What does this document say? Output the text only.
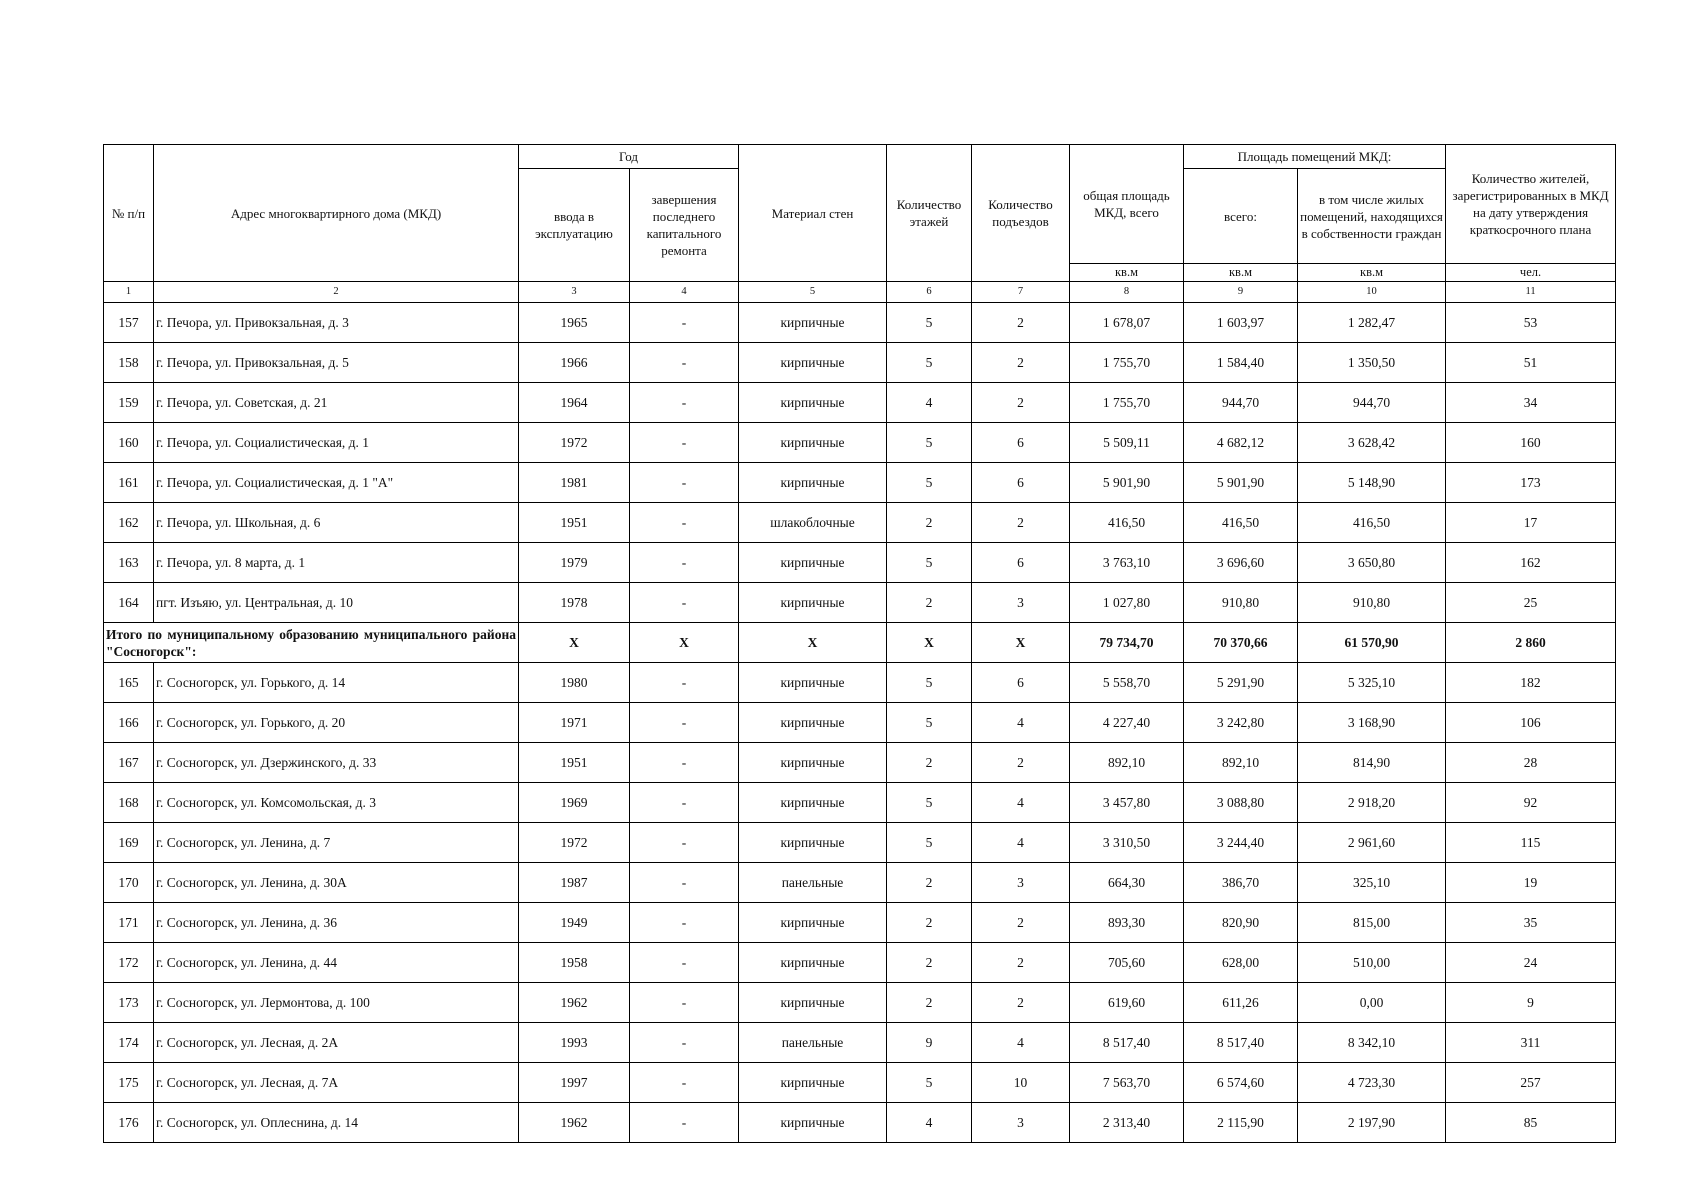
№ п/п	Адрес многоквартирного дома (МКД)	Год		Материал стен	Количество этажей	Количество подъездов	общая площадь МКД, всего	Площадь помещений МКД:		Количество жителей, зарегистрированных в МКД на дату утверждения краткосрочного плана
		ввода в эксплуатацию	завершения последнего капитального ремонта					всего:	в том числе жилых помещений, находящихся в собственности граждан	
							кв.м	кв.м	кв.м	чел.
1	2	3	4	5	6	7	8	9	10	11
157	г. Печора, ул. Привокзальная, д. 3	1965	-	кирпичные	5	2	1 678,07	1 603,97	1 282,47	53
158	г. Печора, ул. Привокзальная, д. 5	1966	-	кирпичные	5	2	1 755,70	1 584,40	1 350,50	51
159	г. Печора, ул. Советская, д. 21	1964	-	кирпичные	4	2	1 755,70	944,70	944,70	34
160	г. Печора, ул. Социалистическая, д. 1	1972	-	кирпичные	5	6	5 509,11	4 682,12	3 628,42	160
161	г. Печора, ул. Социалистическая, д. 1 "А"	1981	-	кирпичные	5	6	5 901,90	5 901,90	5 148,90	173
162	г. Печора, ул. Школьная, д. 6	1951	-	шлакоблочные	2	2	416,50	416,50	416,50	17
163	г. Печора, ул. 8 марта, д. 1	1979	-	кирпичные	5	6	3 763,10	3 696,60	3 650,80	162
164	пгт. Изъяю, ул. Центральная, д. 10	1978	-	кирпичные	2	3	1 027,80	910,80	910,80	25
Итого по муниципальному образованию муниципального района "Сосногорск":		X	X	X	X	X	79 734,70	70 370,66	61 570,90	2 860
165	г. Сосногорск, ул. Горького, д. 14	1980	-	кирпичные	5	6	5 558,70	5 291,90	5 325,10	182
166	г. Сосногорск, ул. Горького, д. 20	1971	-	кирпичные	5	4	4 227,40	3 242,80	3 168,90	106
167	г. Сосногорск, ул. Дзержинского, д. 33	1951	-	кирпичные	2	2	892,10	892,10	814,90	28
168	г. Сосногорск, ул. Комсомольская, д. 3	1969	-	кирпичные	5	4	3 457,80	3 088,80	2 918,20	92
169	г. Сосногорск, ул. Ленина, д. 7	1972	-	кирпичные	5	4	3 310,50	3 244,40	2 961,60	115
170	г. Сосногорск, ул. Ленина, д. 30А	1987	-	панельные	2	3	664,30	386,70	325,10	19
171	г. Сосногорск, ул. Ленина, д. 36	1949	-	кирпичные	2	2	893,30	820,90	815,00	35
172	г. Сосногорск, ул. Ленина, д. 44	1958	-	кирпичные	2	2	705,60	628,00	510,00	24
173	г. Сосногорск, ул. Лермонтова, д. 100	1962	-	кирпичные	2	2	619,60	611,26	0,00	9
174	г. Сосногорск, ул. Лесная, д. 2А	1993	-	панельные	9	4	8 517,40	8 517,40	8 342,10	311
175	г. Сосногорск, ул. Лесная, д. 7А	1997	-	кирпичные	5	10	7 563,70	6 574,60	4 723,30	257
176	г. Сосногорск, ул. Оплеснина, д. 14	1962	-	кирпичные	4	3	2 313,40	2 115,90	2 197,90	85
